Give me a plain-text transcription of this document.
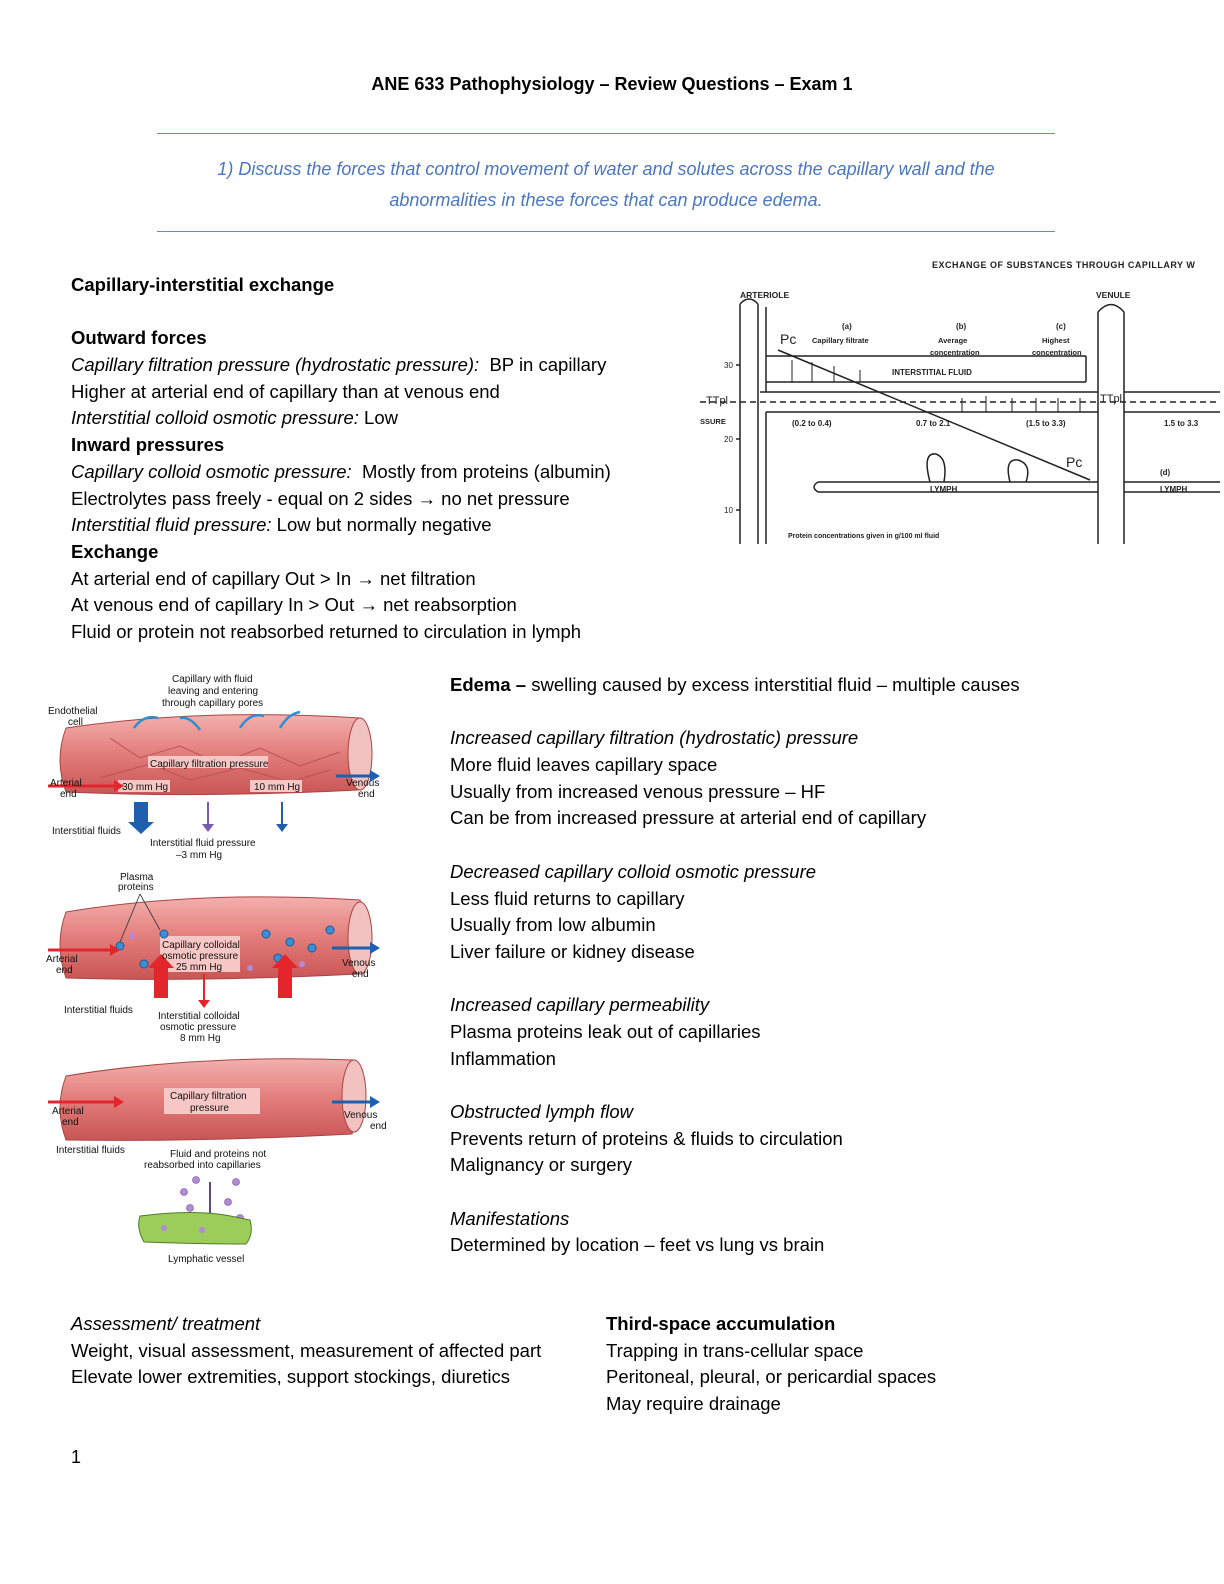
ANE 633 Pathophysiology – Review Questions – Exam 1
1) Discuss the forces that control movement of water and solutes across the capillary wall and the
abnormalities in these forces that can produce edema.
Capillary-interstitial exchange
Outward forces
Capillary filtration pressure (hydrostatic pressure):  BP in capillary
Higher at arterial end of capillary than at venous end
Interstitial colloid osmotic pressure: Low
Inward pressures
Capillary colloid osmotic pressure:  Mostly from proteins (albumin)
Electrolytes pass freely - equal on 2 sides → no net pressure
Interstitial fluid pressure: Low but normally negative
Exchange
At arterial end of capillary Out > In → net filtration
At venous end of capillary In > Out → net reabsorption
Fluid or protein not reabsorbed returned to circulation in lymph
EXCHANGE OF SUBSTANCES THROUGH CAPILLARY W
ARTERIOLE	VENULE
(a)
Capillary filtrate
(b)
Average
concentration
(c)
Highest
concentration
Pc
Pc
30
20
10
TTpl	TTpl
SSURE
INTERSTITIAL FLUID
(0.2 to 0.4)	0.7 to 2.1	(1.5 to 3.3)	1.5 to 3.3
(d)
LYMPH	LYMPH
Protein concentrations given in g/100 ml fluid
Capillary with fluid
leaving and entering
through capillary pores
Endothelial
cell
Capillary filtration pressure
30 mm Hg	10 mm Hg
Arterial
end
Venous
end
Interstitial fluids
Interstitial fluid pressure
–3 mm Hg
Plasma
proteins
Capillary colloidal
osmotic pressure
25 mm Hg
Arterial
end
Venous
end
Interstitial fluids
Interstitial colloidal
osmotic pressure
8 mm Hg
Capillary filtration
pressure
Arterial
end
Venous
end
Interstitial fluids	Fluid and proteins not
reabsorbed into capillaries
Lymphatic vessel
Edema – swelling caused by excess interstitial fluid – multiple causes
Increased capillary filtration (hydrostatic) pressure
More fluid leaves capillary space
Usually from increased venous pressure – HF
Can be from increased pressure at arterial end of capillary
Decreased capillary colloid osmotic pressure
Less fluid returns to capillary
Usually from low albumin
Liver failure or kidney disease
Increased capillary permeability
Plasma proteins leak out of capillaries
Inflammation
Obstructed lymph flow
Prevents return of proteins & fluids to circulation
Malignancy or surgery
Manifestations
Determined by location – feet vs lung vs brain
Assessment/ treatment
Weight, visual assessment, measurement of affected part
Elevate lower extremities, support stockings, diuretics
Third-space accumulation
Trapping in trans-cellular space
Peritoneal, pleural, or pericardial spaces
May require drainage
1
